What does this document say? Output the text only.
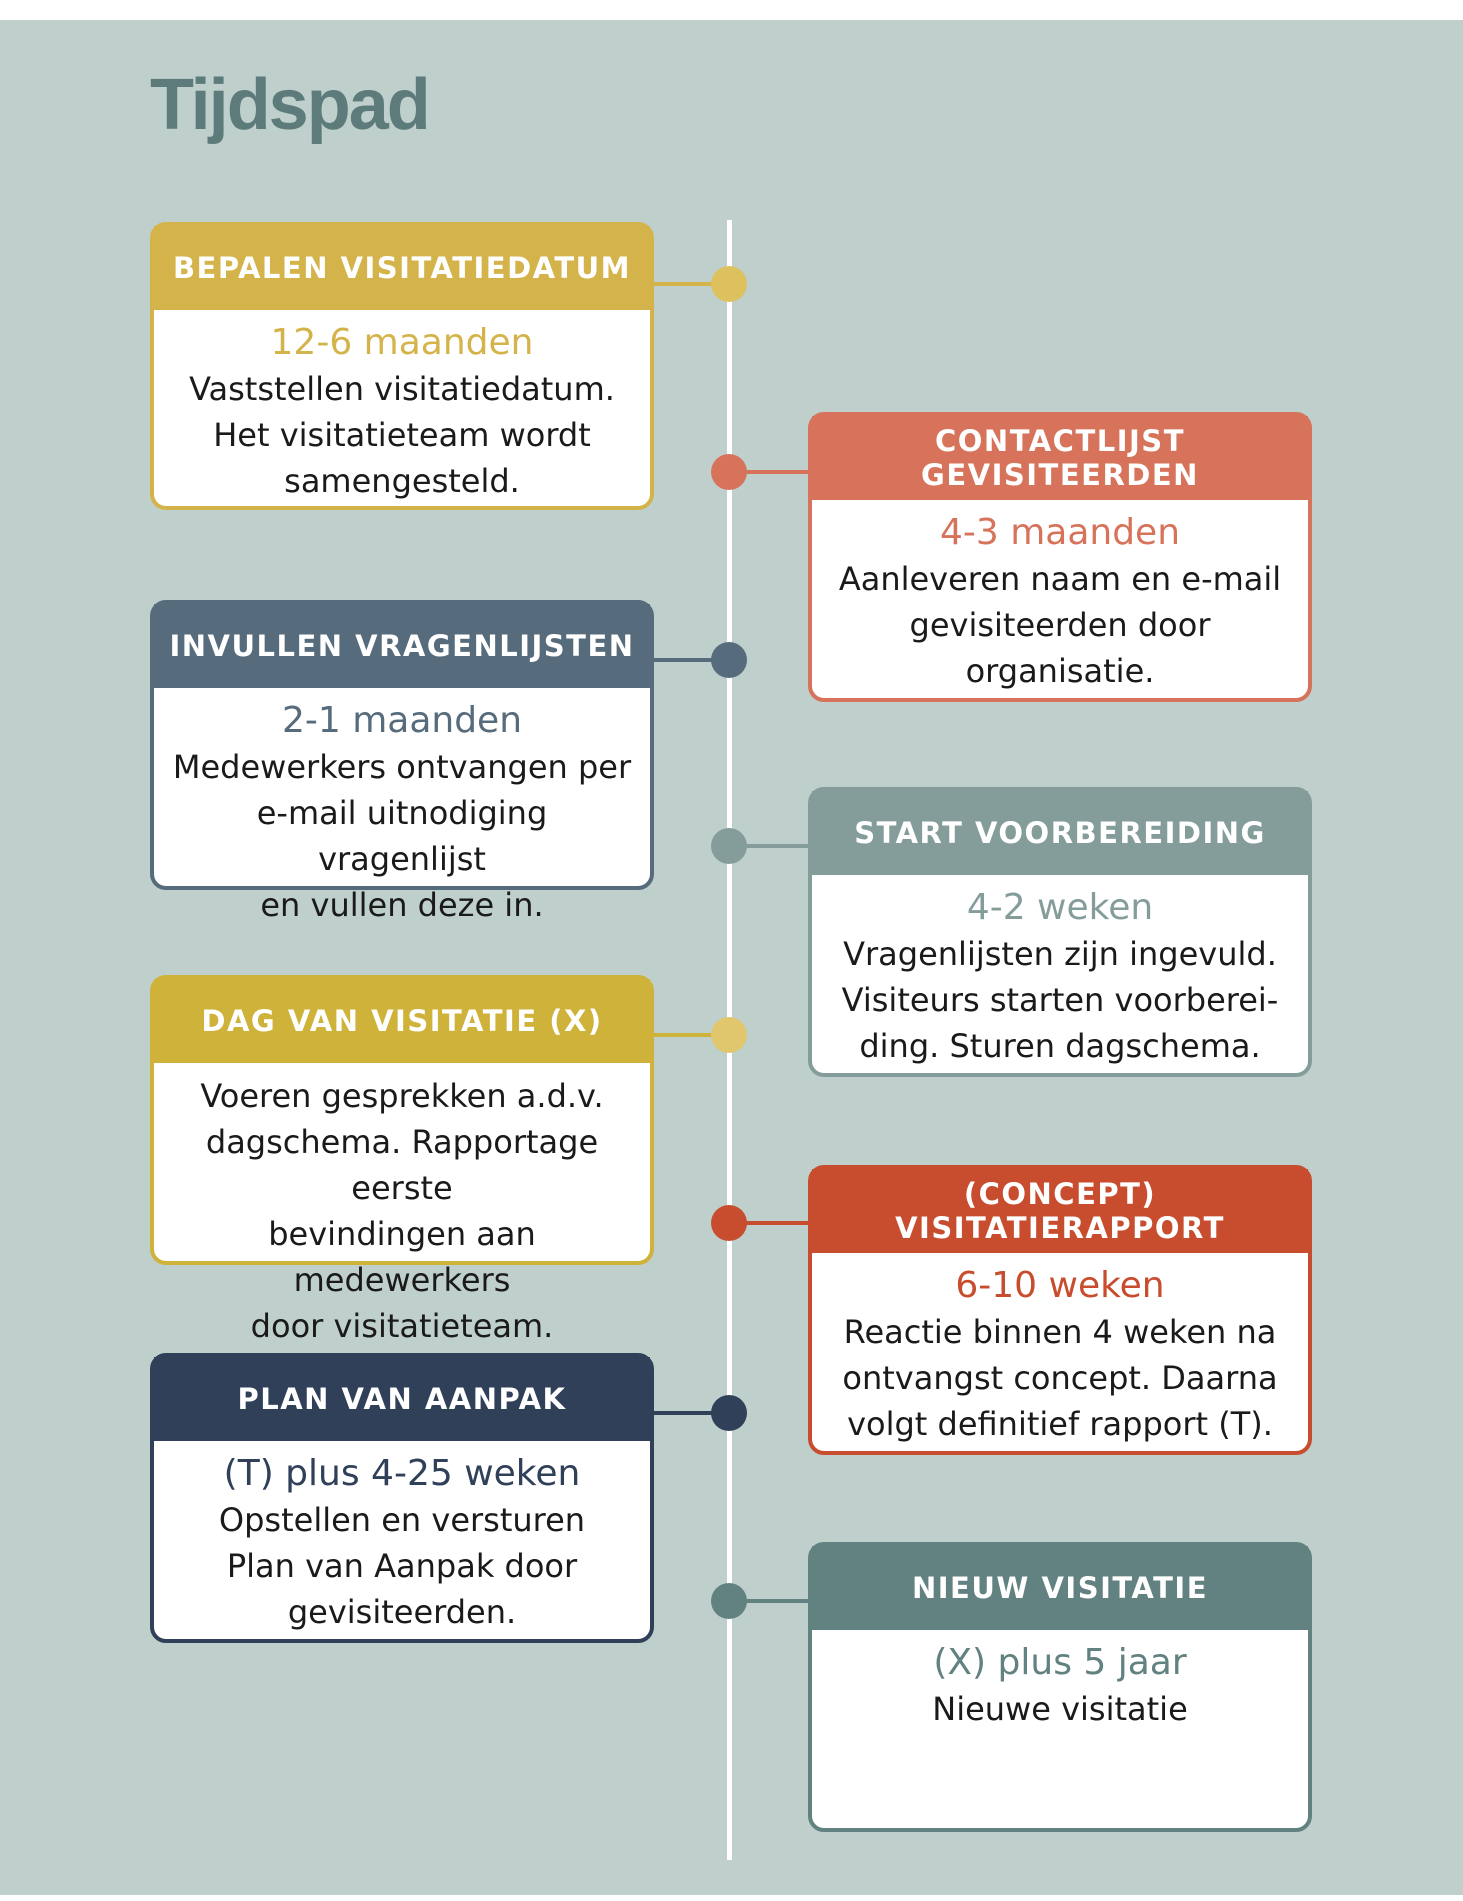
Tijdspad
BEPALEN VISITATIEDATUM
12-6 maanden
Vaststellen visitatiedatum.
Het visitatieteam wordt
samengesteld.
CONTACTLIJST GEVISITEERDEN
4-3 maanden
Aanleveren naam en e-mail
gevisiteerden door
organisatie.
INVULLEN VRAGENLIJSTEN
2-1 maanden
Medewerkers ontvangen per
e-mail uitnodiging vragenlijst
en vullen deze in.
START VOORBEREIDING
4-2 weken
Vragenlijsten zijn ingevuld.
Visiteurs starten voorberei-
ding. Sturen dagschema.
DAG VAN VISITATIE (X)
Voeren gesprekken a.d.v.
dagschema. Rapportage eerste
bevindingen aan medewerkers
door visitatieteam.
(CONCEPT) VISITATIERAPPORT
6-10 weken
Reactie binnen 4 weken na
ontvangst concept. Daarna
volgt definitief rapport (T).
PLAN VAN AANPAK
(T) plus 4-25 weken
Opstellen en versturen
Plan van Aanpak door
gevisiteerden.
NIEUW VISITATIE
(X) plus 5 jaar
Nieuwe visitatie
